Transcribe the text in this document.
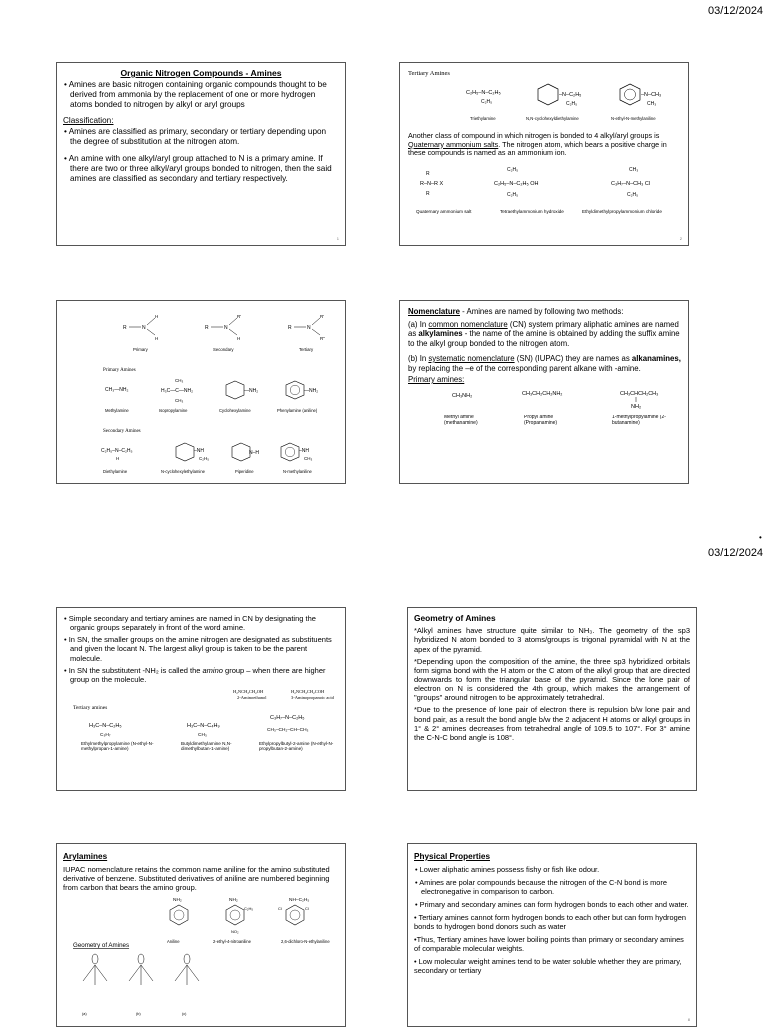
03/12/2024
•
03/12/2024
Organic Nitrogen Compounds - Amines

• Amines are basic nitrogen containing organic compounds thought to be derived from ammonia by the replacement of one or more hydrogen atoms bonded to nitrogen by alkyl or aryl groups

Classification:

• Amines are classified as primary, secondary or tertiary depending upon the degree of substitution at the nitrogen atom.

• An amine with one alkyl/aryl group attached to N is a primary amine. If there are two or three alkyl/aryl groups bonded to nitrogen, then the said amines are classified as secondary and tertiary respectively.

1
Tertiary Amines
C₂H₅–N–C₂H₅
C₂H₅
–N–C₂H₅
C₂H₅
–N–CH₃
CH₃
Triethylamine	N,N-cyclohexyldiethylamine	N-ethyl-N-methylaniline

Another class of compound in which nitrogen is bonded to 4 alkyl/aryl groups is Quaternary ammonium salts. The nitrogen atom, which bears a positive charge in these compounds is named as an ammonium ion.

R
R–N–R X
R
C₂H₅
C₂H₅–N–C₂H₅ OH
C₂H₅
CH₃
C₃H₇–N–CH₃ Cl
C₂H₅
Quaternary ammonium salt	Tetraethylammonium hydroxide	Ethyldimethylpropylammonium chloride
2
R	N
H
H
R	N
R'
H
R	N
R'
R''
Primary	Secondary	Tertiary
Primary Amines
CH₃—NH₂
CH₃
H₃C—C—NH₂
CH₃
—NH₂	—NH₂
Methylamine	Isopropylamine	Cyclohexylamine	Phenylamine (aniline)
Secondary Amines
C₂H₅–N–C₂H₅
H
–NH
C₂H₅
N–H	–NH
CH₃
Diethylamine	N-cyclohexylethylamine	Piperidine	N-methylaniline

Nomenclature - Amines are named by following two methods:

(a) In common nomenclature (CN) system primary aliphatic amines are named as alkylamines - the name of the amine is obtained by adding the suffix amine to the alkyl group bonded to the nitrogen atom.

(b) In systematic nomenclature (SN) (IUPAC) they are names as alkanamines, by replacing the –e of the corresponding parent alkane with -amine.

Primary amines:

CH₃NH₂	CH₃CH₂CH₂NH₂	CH₃CHCH₂CH₃
NH₂
Methyl amine (methanamine)
Propyl amine (Propanamine)
1-methylpropylamine (2-butanamine)

• Simple secondary and tertiary amines are named in CN by designating the organic groups separately in front of the word amine.

• In SN, the smaller groups on the amine nitrogen are designated as substituents and given the locant N. The largest alkyl group is taken to be the parent molecule.

• In SN the substitutent -NH₂ is called the amino group – when there are higher group on the molecule.

H₂NCH₂CH₂OH
2-Aminoethanol
H₂NCH₂CH₂COH
3-Aminopropanoic acid
Tertiary amines
H₃C–N–C₂H₅
C₃H₇
H₃C–N–C₄H₉
CH₃
C₃H₇–N–C₂H₅
CH₃–CH₂–CH–CH₃
Ethylmethylpropylamine (N-ethyl-N-methylpropan-1-amine)
Butyldimethylamine N,N-dimethylbutan-1-amine)
Ethylpropylbutyl-2-amine (N-ethyl-N-propylbutan-2-amine)
Geometry of Amines

*Alkyl amines have structure quite similar to NH₃. The geometry of the sp3 hybridized N atom bonded to 3 atoms/groups is trigonal pyramidal with N at the apex of the pyramid.

*Depending upon the composition of the amine, the three sp3 hybridized orbitals form sigma bond with the H atom or the C atom of the alkyl group that are directed downwards to form the triangular base of the pyramid. Since the lone pair of electron on N is considered the 4th group, which makes the arrangement of "groups" around nitrogen to be approximately tetrahedral.

*Due to the presence of lone pair of electron there is repulsion b/w lone pair and bond pair, as a result the bond angle b/w the 2 adjacent H atoms or alkyl groups in 1° & 2° amines decreases from tetrahedral angle of 109.5 to 107°. For 3° amine the C-N-C bond angle is 108°.

Arylamines

IUPAC nomenclature retains the common name aniline for the amino substituted derivative of benzene. Substituted derivatives of aniline are numbered beginning from carbon that bears the amino group.

NH₂	NH₂
C₂H₅
NO₂
NH–C₂H₅
Cl	Cl
Aniline	2-ethyl-4-nitroaniline	2,6-dichloro-N-ethylaniline
Geometry of Amines
(a)	(b)	(c)
Physical Properties

• Lower aliphatic amines possess fishy or fish like odour.

• Amines are polar compounds because the nitrogen of the C-N bond is more electronegative in comparison to carbon.

• Primary and secondary amines can form hydrogen bonds to each other and water.

• Tertiary amines cannot form hydrogen bonds to each other but can form hydrogen bonds to hydrogen bond donors such as water

•Thus, Tertiary amines have lower boiling points than primary or secondary amines of comparable molecular weights.

• Low molecular weight amines tend to be water soluble whether they are primary, secondary or tertiary

8
